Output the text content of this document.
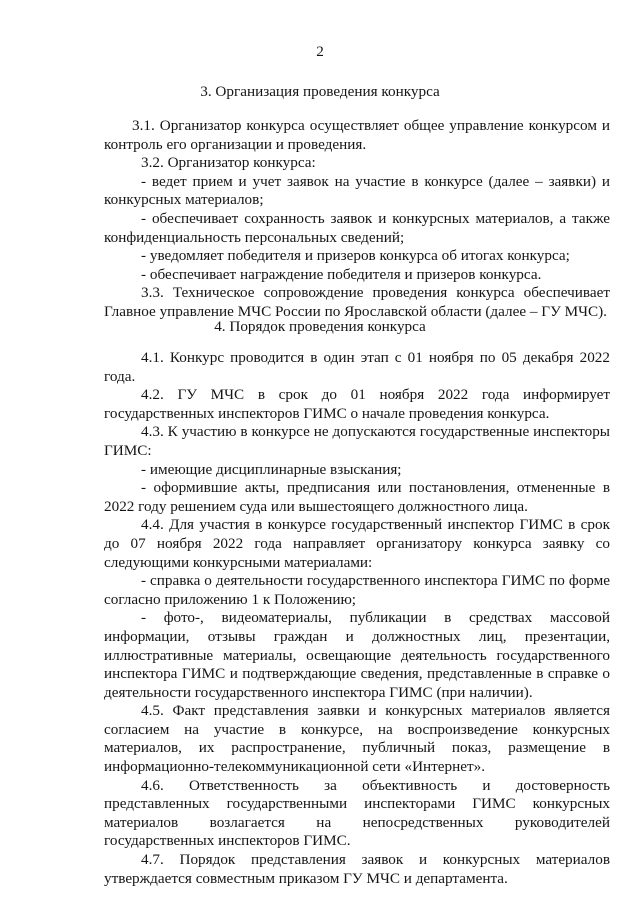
2
3. Организация проведения конкурса

3.1. Организатор конкурса осуществляет общее управление конкурсом и контроль его организации и проведения.

3.2. Организатор конкурса:

- ведет прием и учет заявок на участие в конкурсе (далее – заявки) и конкурсных материалов;

- обеспечивает сохранность заявок и конкурсных материалов, а также конфиденциальность персональных сведений;

- уведомляет победителя и призеров конкурса об итогах конкурса;

- обеспечивает награждение победителя и призеров конкурса.

3.3. Техническое сопровождение проведения конкурса обеспечивает Главное управление МЧС России по Ярославской области (далее – ГУ МЧС).

4. Порядок проведения конкурса

4.1. Конкурс проводится в один этап с 01 ноября по 05 декабря 2022 года.

4.2. ГУ МЧС в срок до 01 ноября 2022 года информирует государственных инспекторов ГИМС о начале проведения конкурса.

4.3. К участию в конкурсе не допускаются государственные инспекторы ГИМС:

- имеющие дисциплинарные взыскания;

- оформившие акты, предписания или постановления, отмененные в 2022 году решением суда или вышестоящего должностного лица.

4.4. Для участия в конкурсе государственный инспектор ГИМС в срок до 07 ноября 2022 года направляет организатору конкурса заявку со следующими конкурсными материалами:

- справка о деятельности государственного инспектора ГИМС по форме согласно приложению 1 к Положению;

- фото-, видеоматериалы, публикации в средствах массовой информации, отзывы граждан и должностных лиц, презентации, иллюстративные материалы, освещающие деятельность государственного инспектора ГИМС и подтверждающие сведения, представленные в справке о деятельности государственного инспектора ГИМС (при наличии).

4.5. Факт представления заявки и конкурсных материалов является согласием на участие в конкурсе, на воспроизведение конкурсных материалов, их распространение, публичный показ, размещение в информационно-телекоммуникационной сети «Интернет».

4.6. Ответственность за объективность и достоверность представленных государственными инспекторами ГИМС конкурсных материалов возлагается на непосредственных руководителей государственных инспекторов ГИМС.

4.7. Порядок представления заявок и конкурсных материалов утверждается совместным приказом ГУ МЧС и департамента.
